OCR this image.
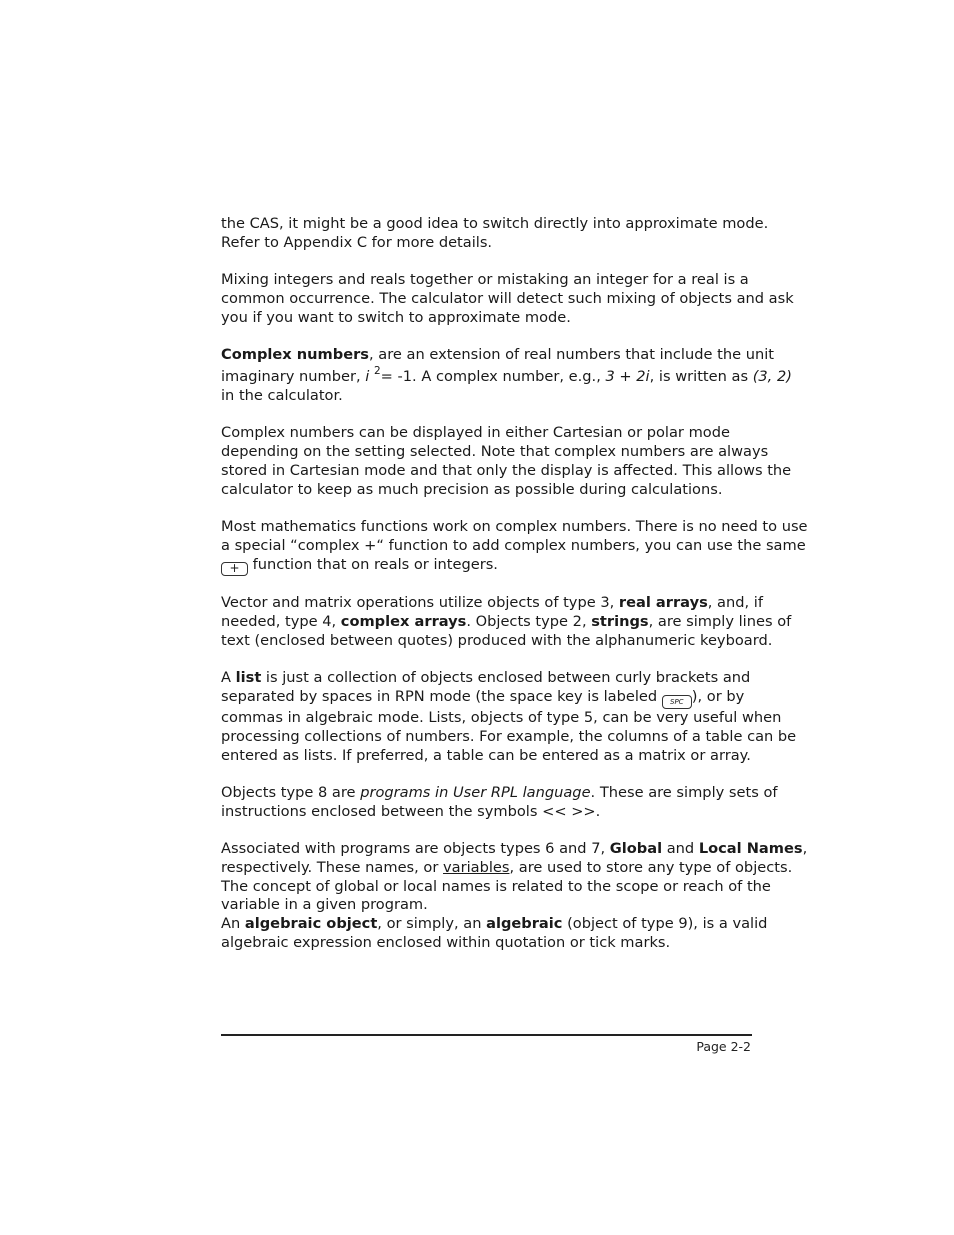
the CAS, it might be a good idea to switch directly into approximate mode.
Refer to Appendix C for more details.

Mixing integers and reals together or mistaking an integer for a real is a
common occurrence. The calculator will detect such mixing of objects and ask
you if you want to switch to approximate mode.

Complex numbers, are an extension of real numbers that include the unit
imaginary number, i $^2$= -1. A complex number, e.g., 3 + 2i, is written as (3, 2)
in the calculator.

Complex numbers can be displayed in either Cartesian or polar mode
depending on the setting selected. Note that complex numbers are always
stored in Cartesian mode and that only the display is affected. This allows the
calculator to keep as much precision as possible during calculations.

Most mathematics functions work on complex numbers. There is no need to use
a special “complex +“ function to add complex numbers, you can use the same
+ function that on reals or integers.

Vector and matrix operations utilize objects of type 3, real arrays, and, if
needed, type 4, complex arrays. Objects type 2, strings, are simply lines of
text (enclosed between quotes) produced with the alphanumeric keyboard.

A list is just a collection of objects enclosed between curly brackets and
separated by spaces in RPN mode (the space key is labeled SPC ), or by
commas in algebraic mode. Lists, objects of type 5, can be very useful when
processing collections of numbers. For example, the columns of a table can be
entered as lists. If preferred, a table can be entered as a matrix or array.

Objects type 8 are programs in User RPL language. These are simply sets of
instructions enclosed between the symbols << >>.

Associated with programs are objects types 6 and 7, Global and Local Names,
respectively. These names, or variables, are used to store any type of objects.
The concept of global or local names is related to the scope or reach of the
variable in a given program.
An algebraic object, or simply, an algebraic (object of type 9), is a valid
algebraic expression enclosed within quotation or tick marks.

Page 2-2
